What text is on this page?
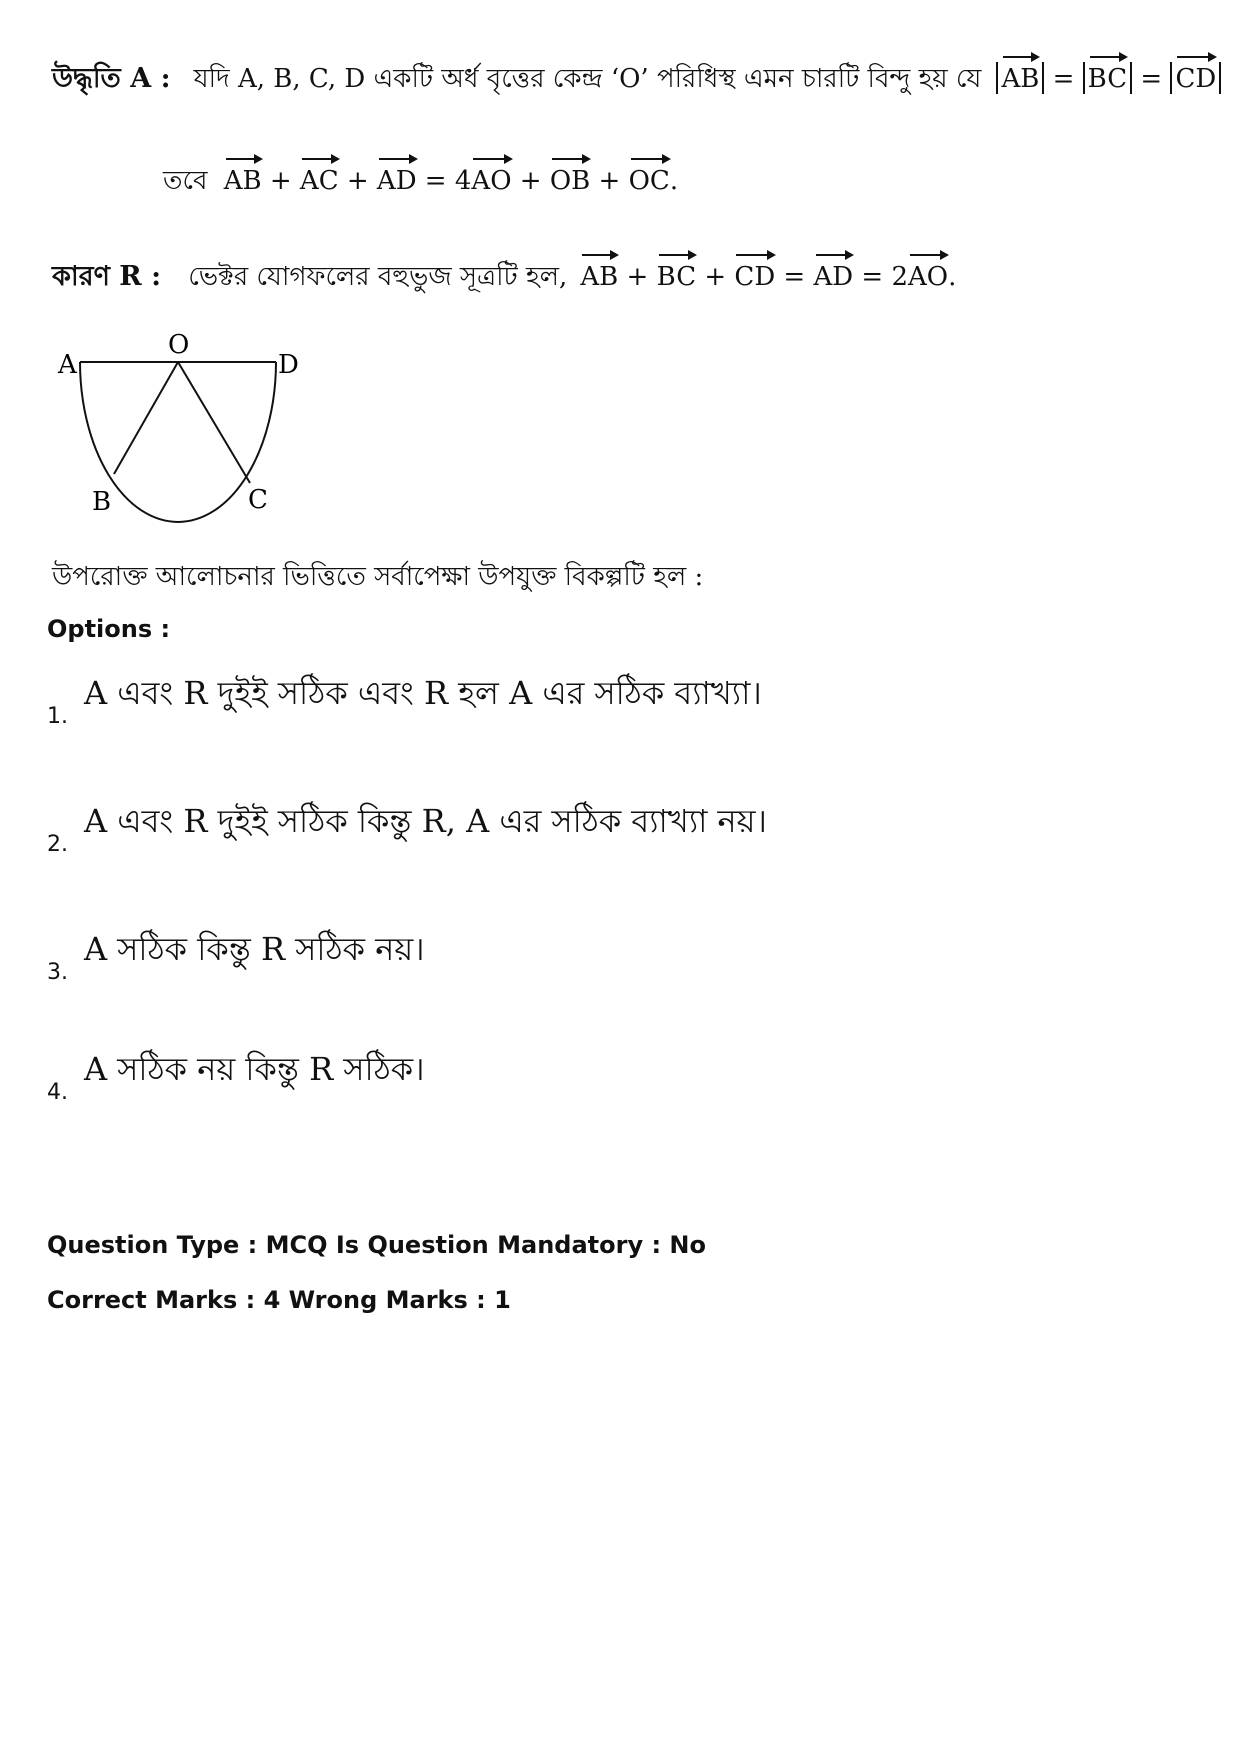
উদ্ধৃতি A : যদি A, B, C, D একটি অর্ধ বৃত্তের কেন্দ্র ‘O’ পরিধিস্থ এমন চারটি বিন্দু হয় যে AB = BC = CD
তবে AB + AC + AD = 4AO + OB + OC.
কারণ R : ভেক্টর যোগফলের বহুভুজ সূত্রটি হল, AB + BC + CD = AD = 2AO.
A
O
D
B	C
উপরোক্ত আলোচনার ভিত্তিতে সর্বাপেক্ষা উপযুক্ত বিকল্পটি হল :
Options :
1.
A এবং R দুইই সঠিক এবং R হল A এর সঠিক ব্যাখ্যা।
2.
A এবং R দুইই সঠিক কিন্তু R, A এর সঠিক ব্যাখ্যা নয়।
3.
A সঠিক কিন্তু R সঠিক নয়।
4.
A সঠিক নয় কিন্তু R সঠিক।
Question Type : MCQ Is Question Mandatory : No
Correct Marks : 4 Wrong Marks : 1
